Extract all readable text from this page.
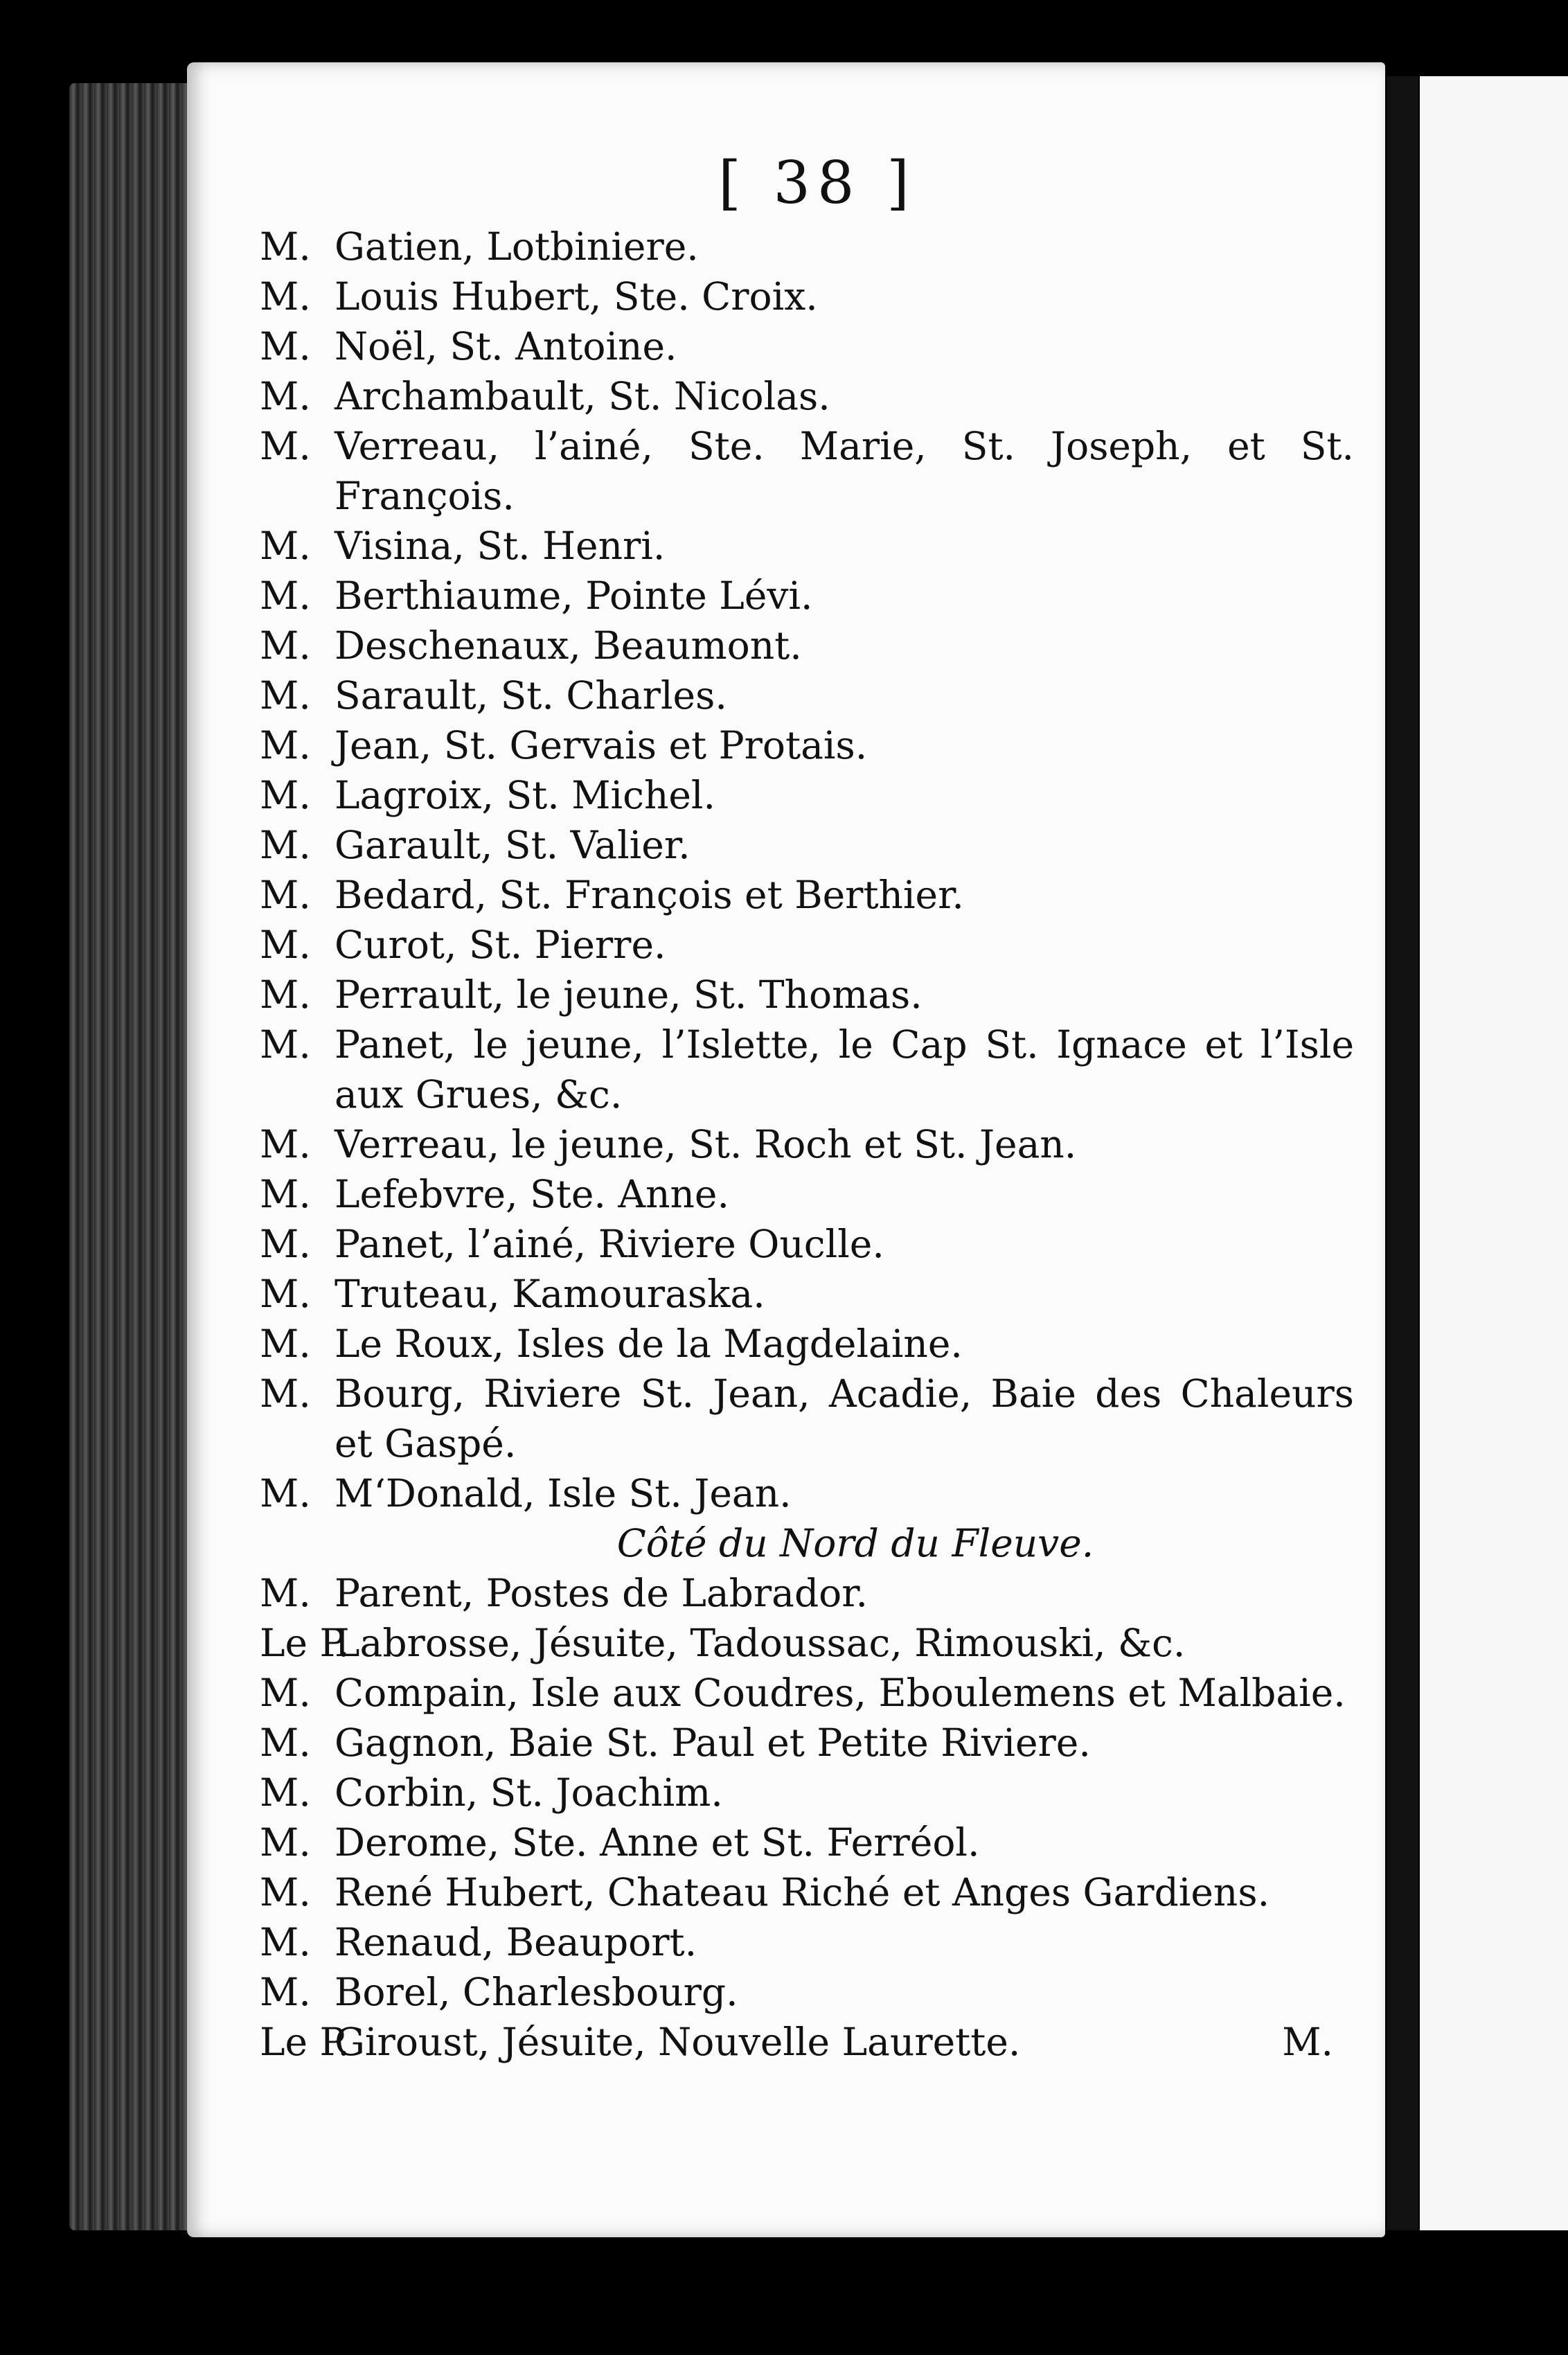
[ 38 ]
M. Gatien, Lotbiniere.
M. Louis Hubert, Ste. Croix.
M. Noël, St. Antoine.
M. Archambault, St. Nicolas.
M. Verreau, l’ainé, Ste. Marie, St. Joseph, et St. François.
M. Visina, St. Henri.
M. Berthiaume, Pointe Lévi.
M. Deschenaux, Beaumont.
M. Sarault, St. Charles.
M. Jean, St. Gervais et Protais.
M. Lagroix, St. Michel.
M. Garault, St. Valier.
M. Bedard, St. François et Berthier.
M. Curot, St. Pierre.
M. Perrault, le jeune, St. Thomas.
M. Panet, le jeune, l’Islette, le Cap St. Ignace et l’Isle aux Grues, &c.
M. Verreau, le jeune, St. Roch et St. Jean.
M. Lefebvre, Ste. Anne.
M. Panet, l’ainé, Riviere Ouclle.
M. Truteau, Kamouraska.
M. Le Roux, Isles de la Magdelaine.
M. Bourg, Riviere St. Jean, Acadie, Baie des Chaleurs et Gaspé.
M. M‘Donald, Isle St. Jean.
Côté du Nord du Fleuve.
M. Parent, Postes de Labrador.
Le P.
Labrosse, Jésuite, Tadoussac, Rimouski, &c.
M. Compain, Isle aux Coudres, Eboulemens et Malbaie.
M. Gagnon, Baie St. Paul et Petite Riviere.
M. Corbin, St. Joachim.
M. Derome, Ste. Anne et St. Ferréol.
M. René Hubert, Chateau Riché et Anges Gardiens.
M. Renaud, Beauport.
M. Borel, Charlesbourg.
Le P.
Giroust, Jésuite, Nouvelle Laurette.	M.
